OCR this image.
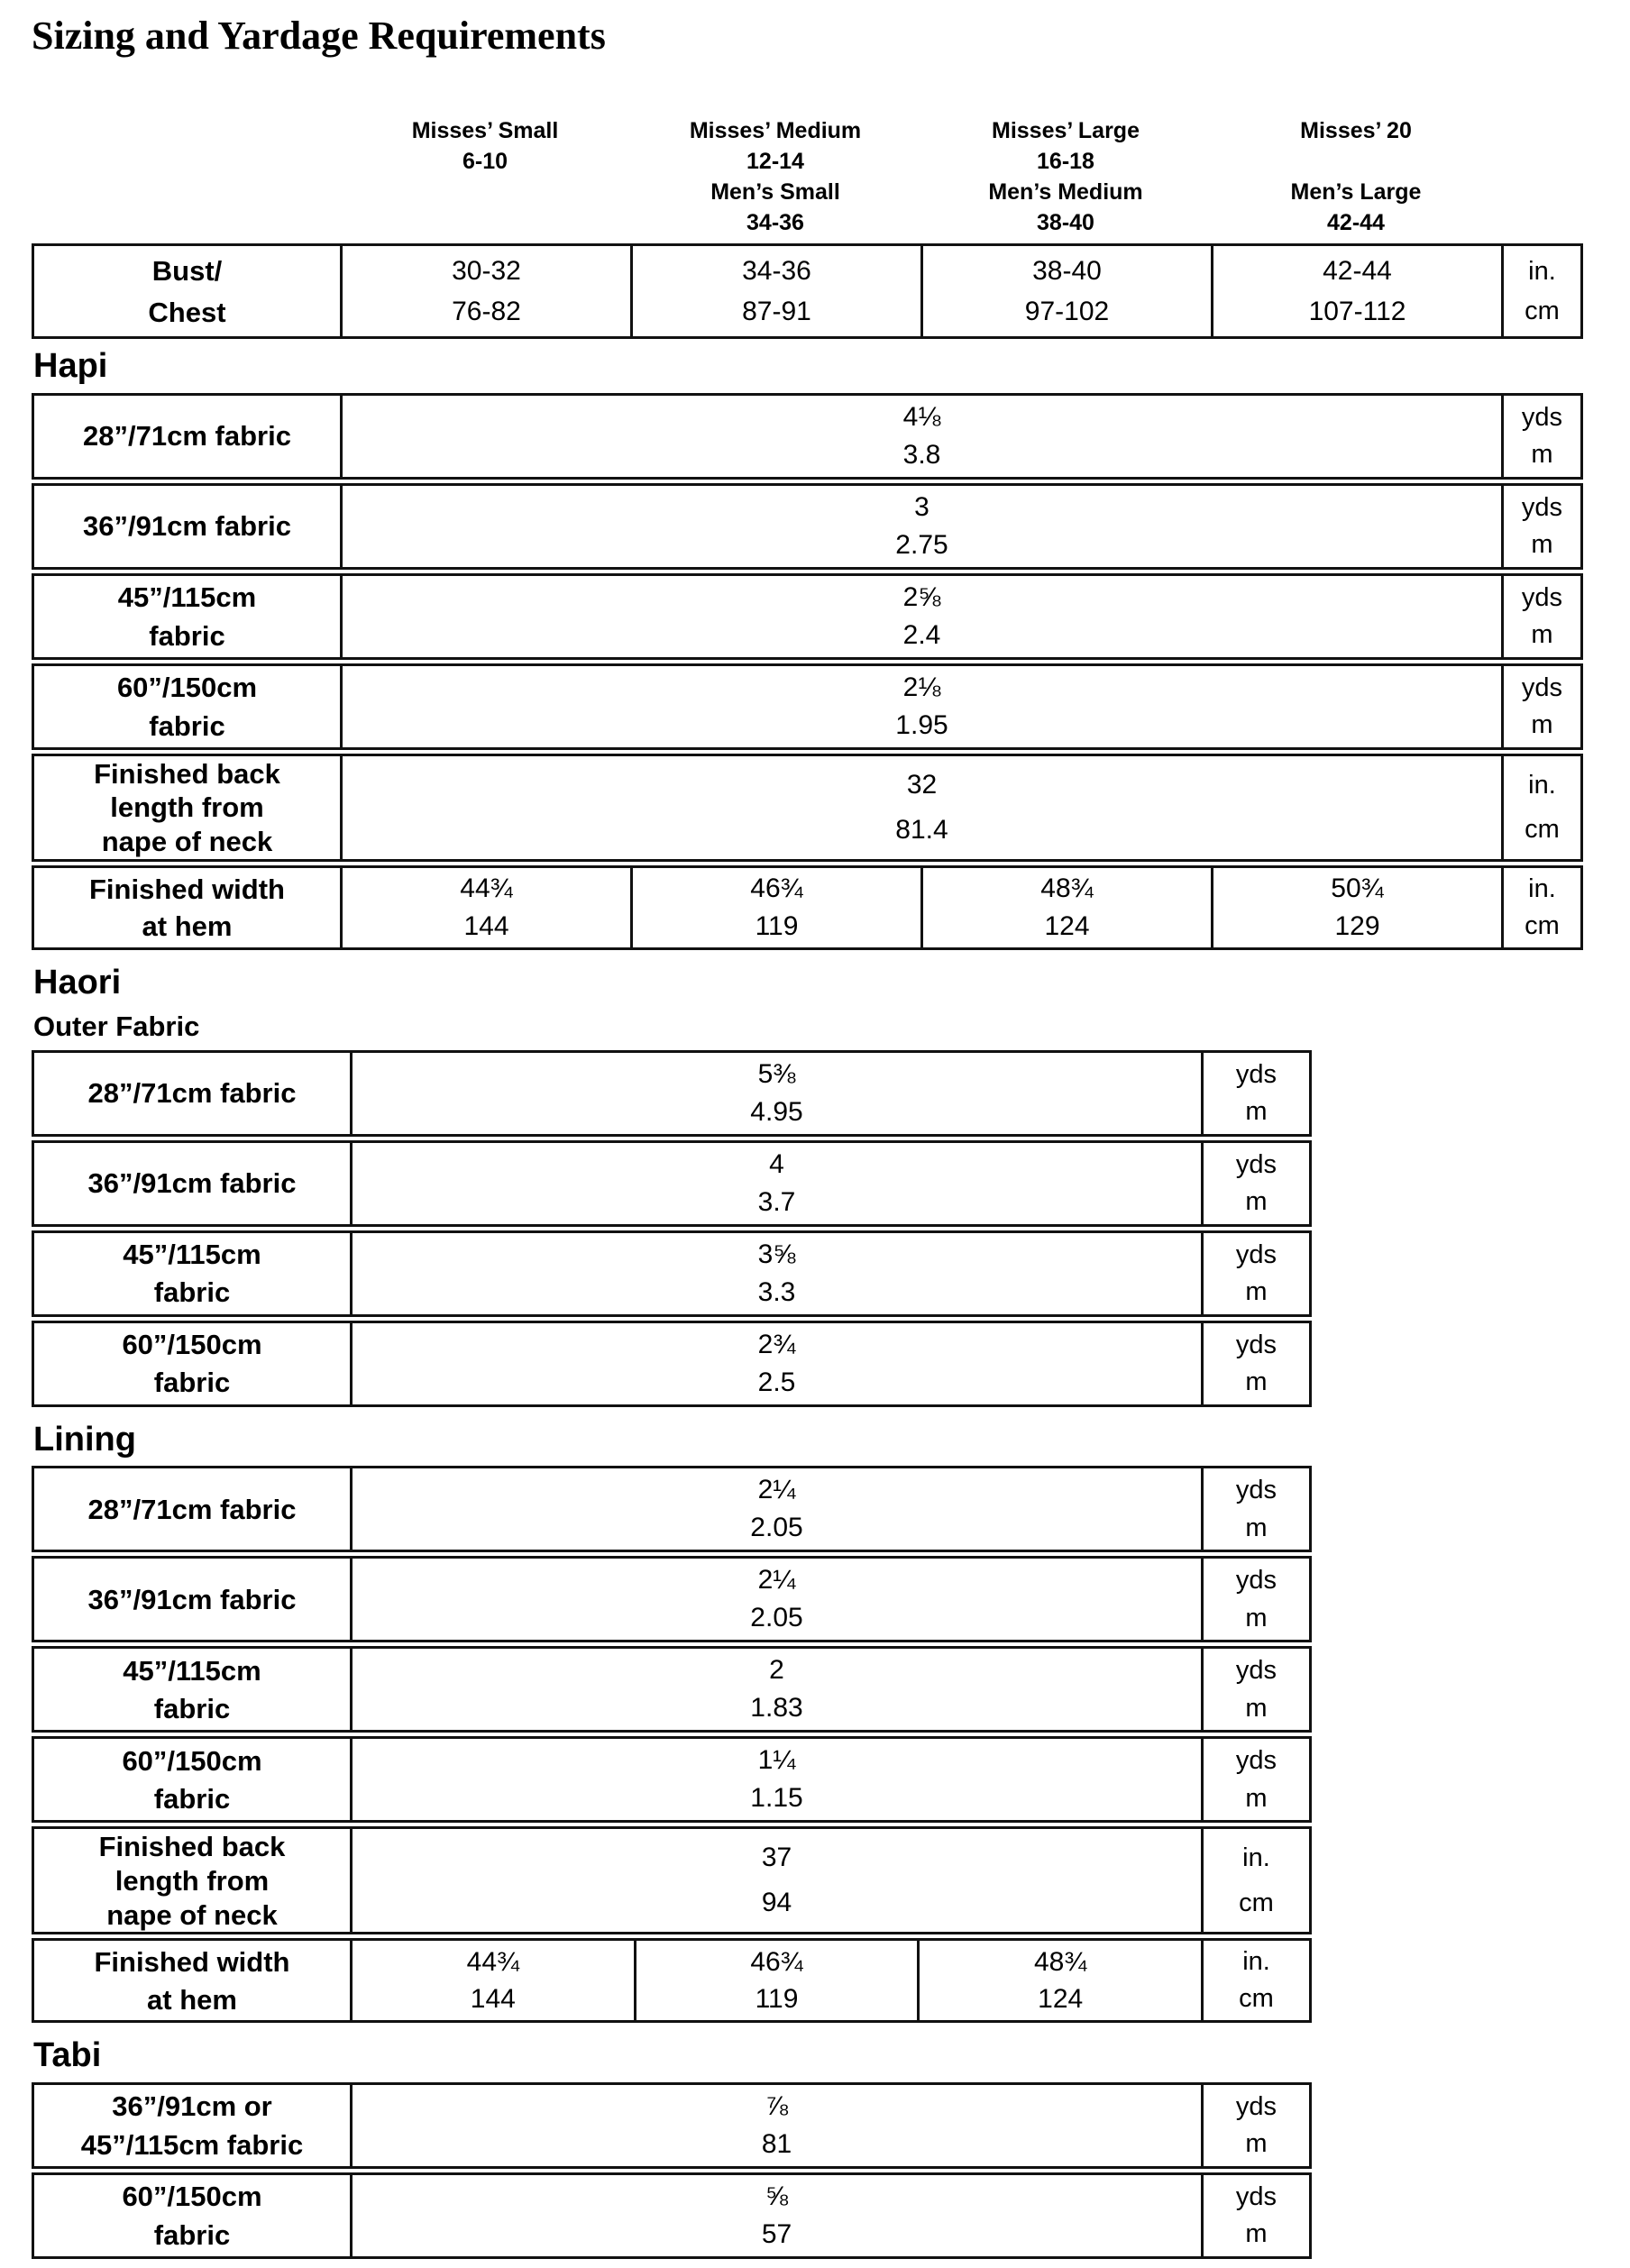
Sizing and Yardage Requirements
Misses’ Small
6-10
Misses’ Medium
12-14
Men’s Small
34-36
Misses’ Large
16-18
Men’s Medium
38-40
Misses’ 20
Men’s Large
42-44
Bust/
Chest
30-32
76-82
34-36
87-91
38-40
97-102
42-44
107-112
in.
cm
Hapi
28”/71cm fabric
4⅛
3.8
yds
m
36”/91cm fabric
3
2.75
yds
m
45”/115cm
fabric
2⅝
2.4
yds
m
60”/150cm
fabric
2⅛
1.95
yds
m
Finished back
length from
nape of neck
32
81.4
in.
cm
Finished width
at hem
44¾
144
46¾
119
48¾
124
50¾
129
in.
cm
Haori
Outer Fabric
28”/71cm fabric
5⅜
4.95
yds
m
36”/91cm fabric
4
3.7
yds
m
45”/115cm
fabric
3⅝
3.3
yds
m
60”/150cm
fabric
2¾
2.5
yds
m
Lining
28”/71cm fabric
2¼
2.05
yds
m
36”/91cm fabric
2¼
2.05
yds
m
45”/115cm
fabric
2
1.83
yds
m
60”/150cm
fabric
1¼
1.15
yds
m
Finished back
length from
nape of neck
37
94
in.
cm
Finished width
at hem
44¾
144
46¾
119
48¾
124
in.
cm
Tabi
36”/91cm or
45”/115cm fabric
⅞
81
yds
m
60”/150cm
fabric
⅝
57
yds
m
